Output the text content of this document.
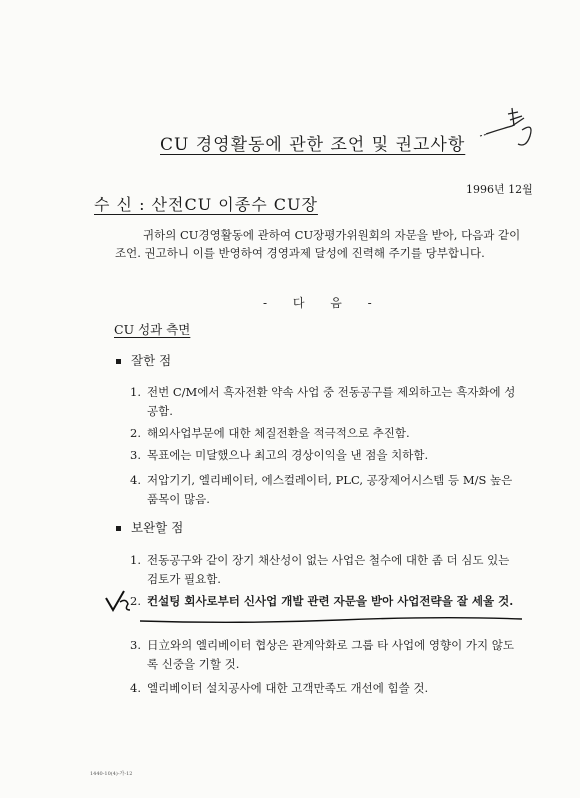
CU 경영활동에 관한 조언 및 권고사항
1996년 12월
수 신 : 산전CU 이종수 CU장

귀하의 CU경영활동에 관하여 CU장평가위원회의 자문을 받아, 다음과 같이 조언. 권고하니 이를 반영하여 경영과제 달성에 진력해 주기를 당부합니다.

- 다 음 -
CU 성과 측면
잘한 점
1. 전번 C/M에서 흑자전환 약속 사업 중 전동공구를 제외하고는 흑자화에 성공함.
2. 해외사업부문에 대한 체질전환을 적극적으로 추진함.
3. 목표에는 미달했으나 최고의 경상이익을 낸 점을 치하함.
4. 저압기기, 엘리베이터, 에스컬레이터, PLC, 공장제어시스템 등 M/S 높은 품목이 많음.
보완할 점
1. 전동공구와 같이 장기 채산성이 없는 사업은 철수에 대한 좀 더 심도 있는 검토가 필요함.
2. 컨설팅 회사로부터 신사업 개발 관련 자문을 받아 사업전략을 잘 세울 것.
3. 日立와의 엘리베이터 협상은 관계악화로 그룹 타 사업에 영향이 가지 않도록 신중을 기할 것.
4. 엘리베이터 설치공사에 대한 고객만족도 개선에 힘쓸 것.
1440-10(4)-가-12
